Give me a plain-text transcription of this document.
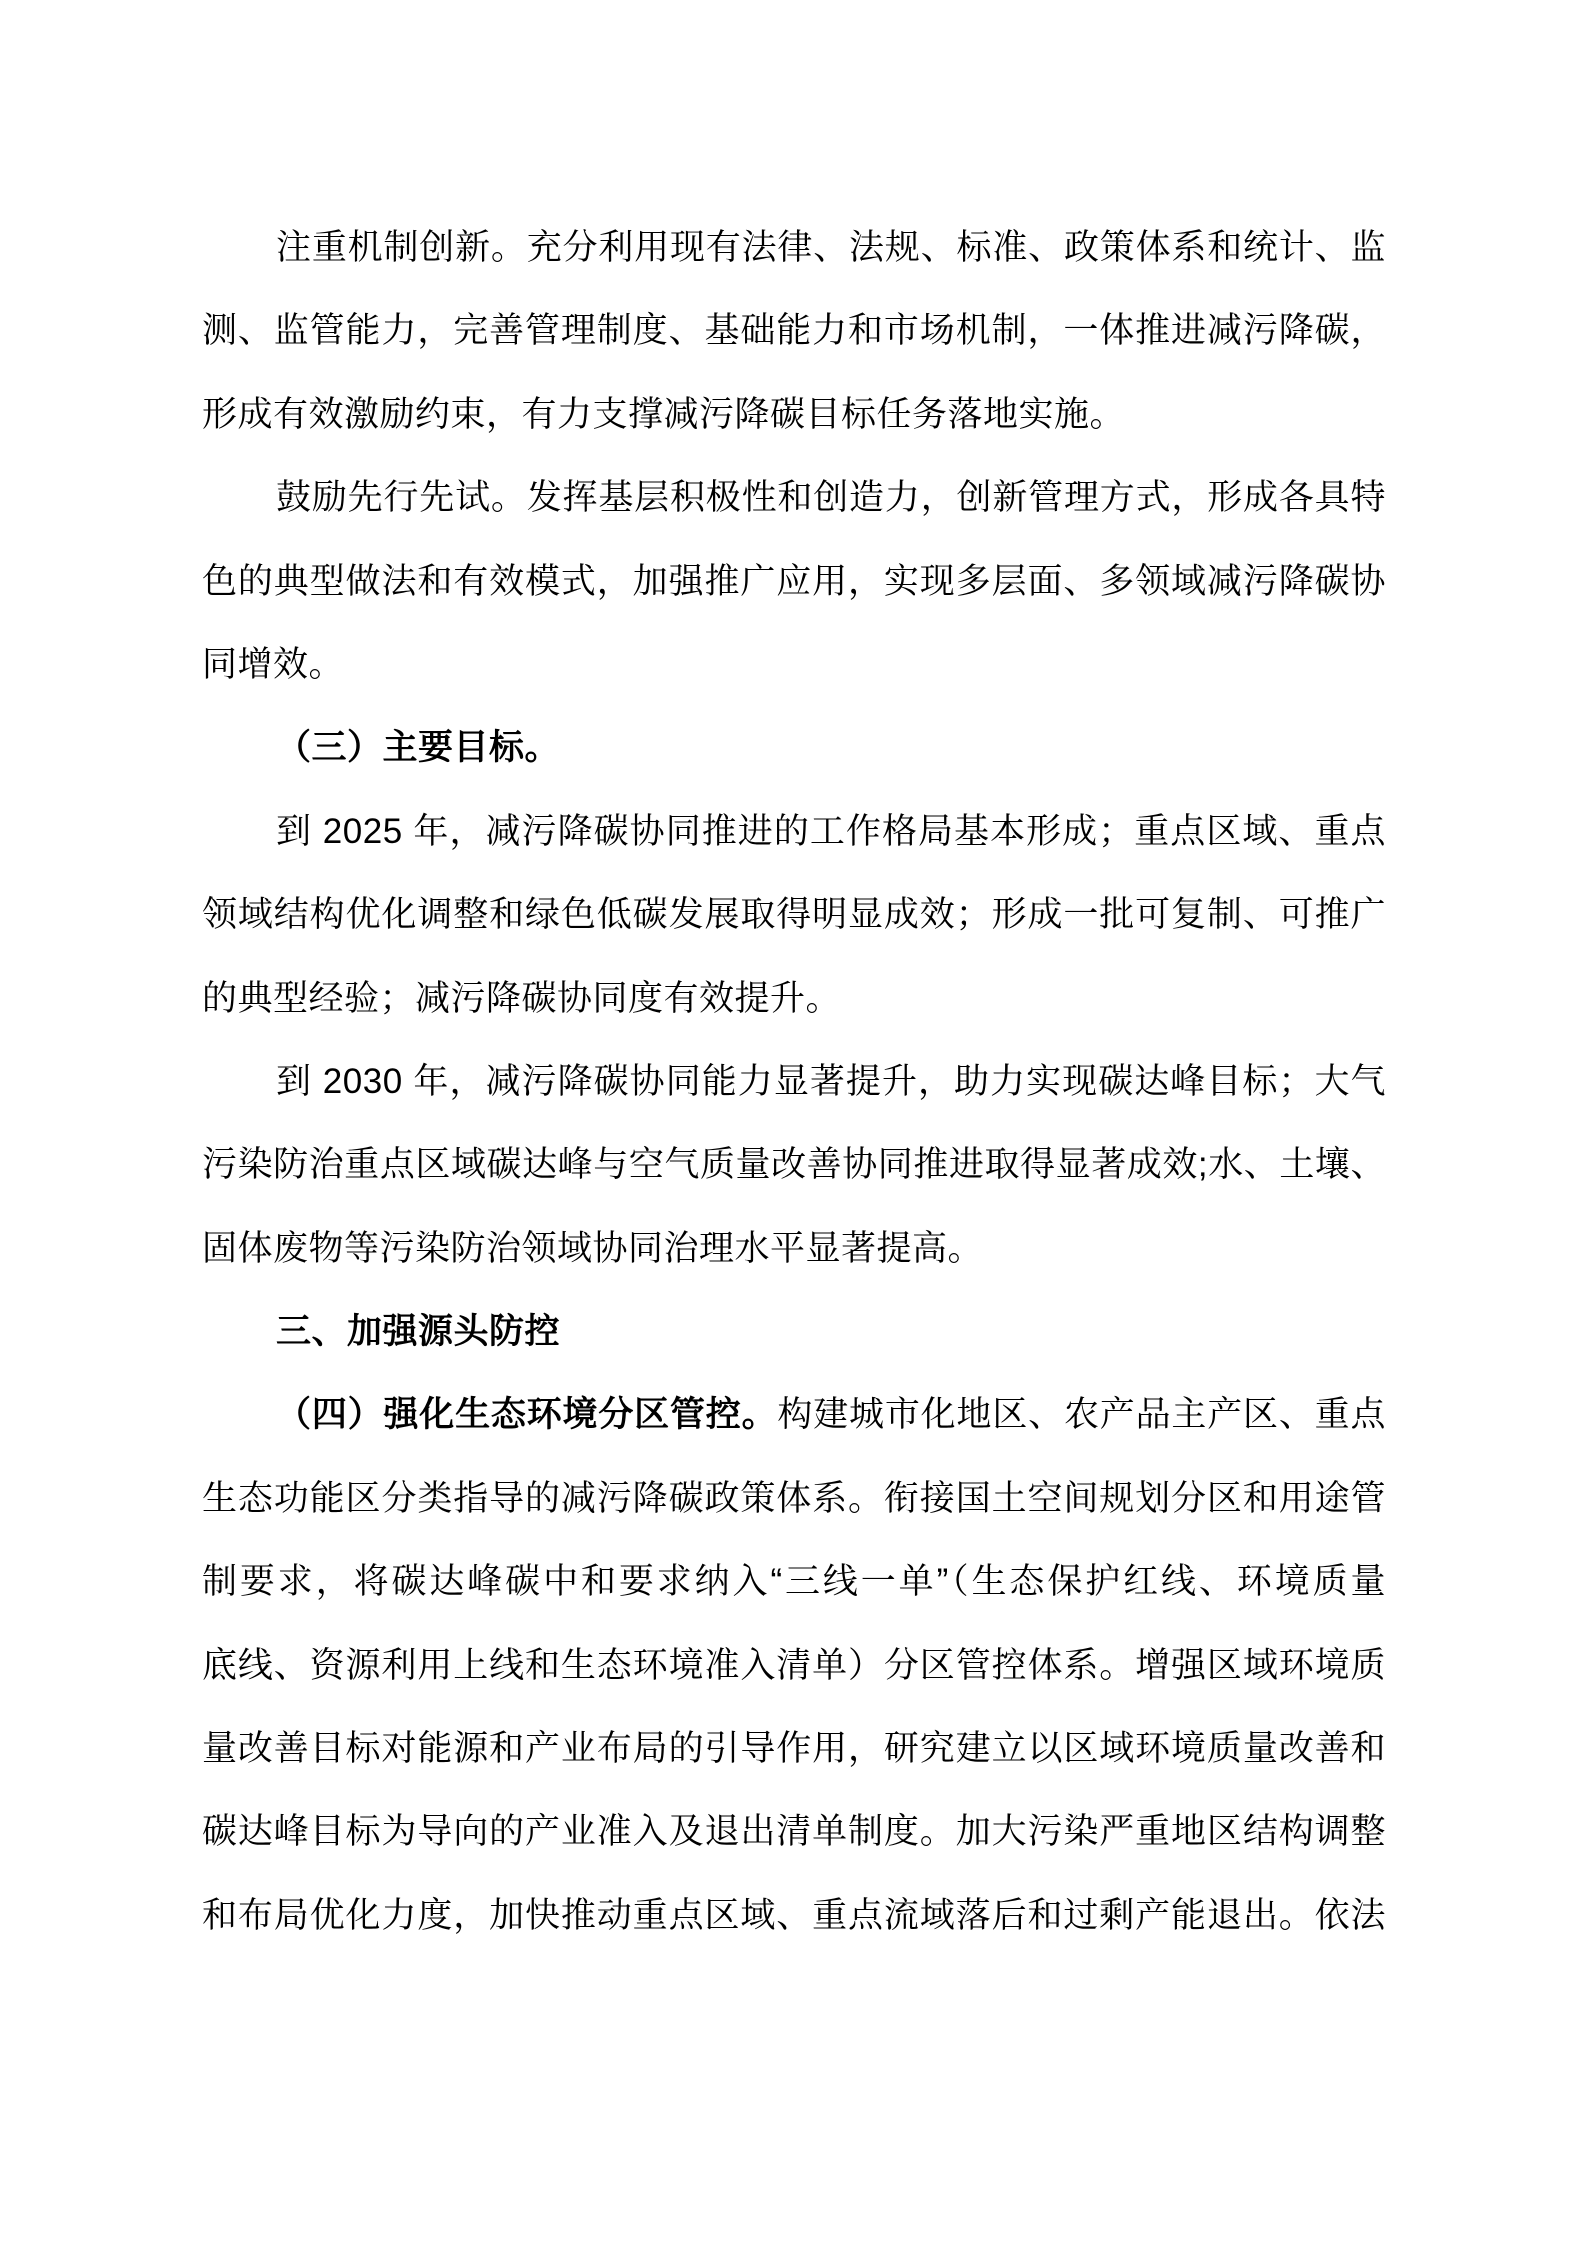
注重机制创新。充分利用现有法律、法规、标准、政策体系和统计、监
测、监管能力，完善管理制度、基础能力和市场机制，一体推进减污降碳，
形成有效激励约束，有力支撑减污降碳目标任务落地实施。
鼓励先行先试。发挥基层积极性和创造力，创新管理方式，形成各具特
色的典型做法和有效模式，加强推广应用，实现多层面、多领域减污降碳协
同增效。
（三）主要目标。
到 2025 年，减污降碳协同推进的工作格局基本形成；重点区域、重点
领域结构优化调整和绿色低碳发展取得明显成效；形成一批可复制、可推广
的典型经验；减污降碳协同度有效提升。
到 2030 年，减污降碳协同能力显著提升，助力实现碳达峰目标；大气
污染防治重点区域碳达峰与空气质量改善协同推进取得显著成效;水、土壤、
固体废物等污染防治领域协同治理水平显著提高。
三、加强源头防控
（四）强化生态环境分区管控。构建城市化地区、农产品主产区、重点
生态功能区分类指导的减污降碳政策体系。衔接国土空间规划分区和用途管
制要求，将碳达峰碳中和要求纳入“三线一单”（生态保护红线、环境质量
底线、资源利用上线和生态环境准入清单）分区管控体系。增强区域环境质
量改善目标对能源和产业布局的引导作用，研究建立以区域环境质量改善和
碳达峰目标为导向的产业准入及退出清单制度。加大污染严重地区结构调整
和布局优化力度，加快推动重点区域、重点流域落后和过剩产能退出。依法
